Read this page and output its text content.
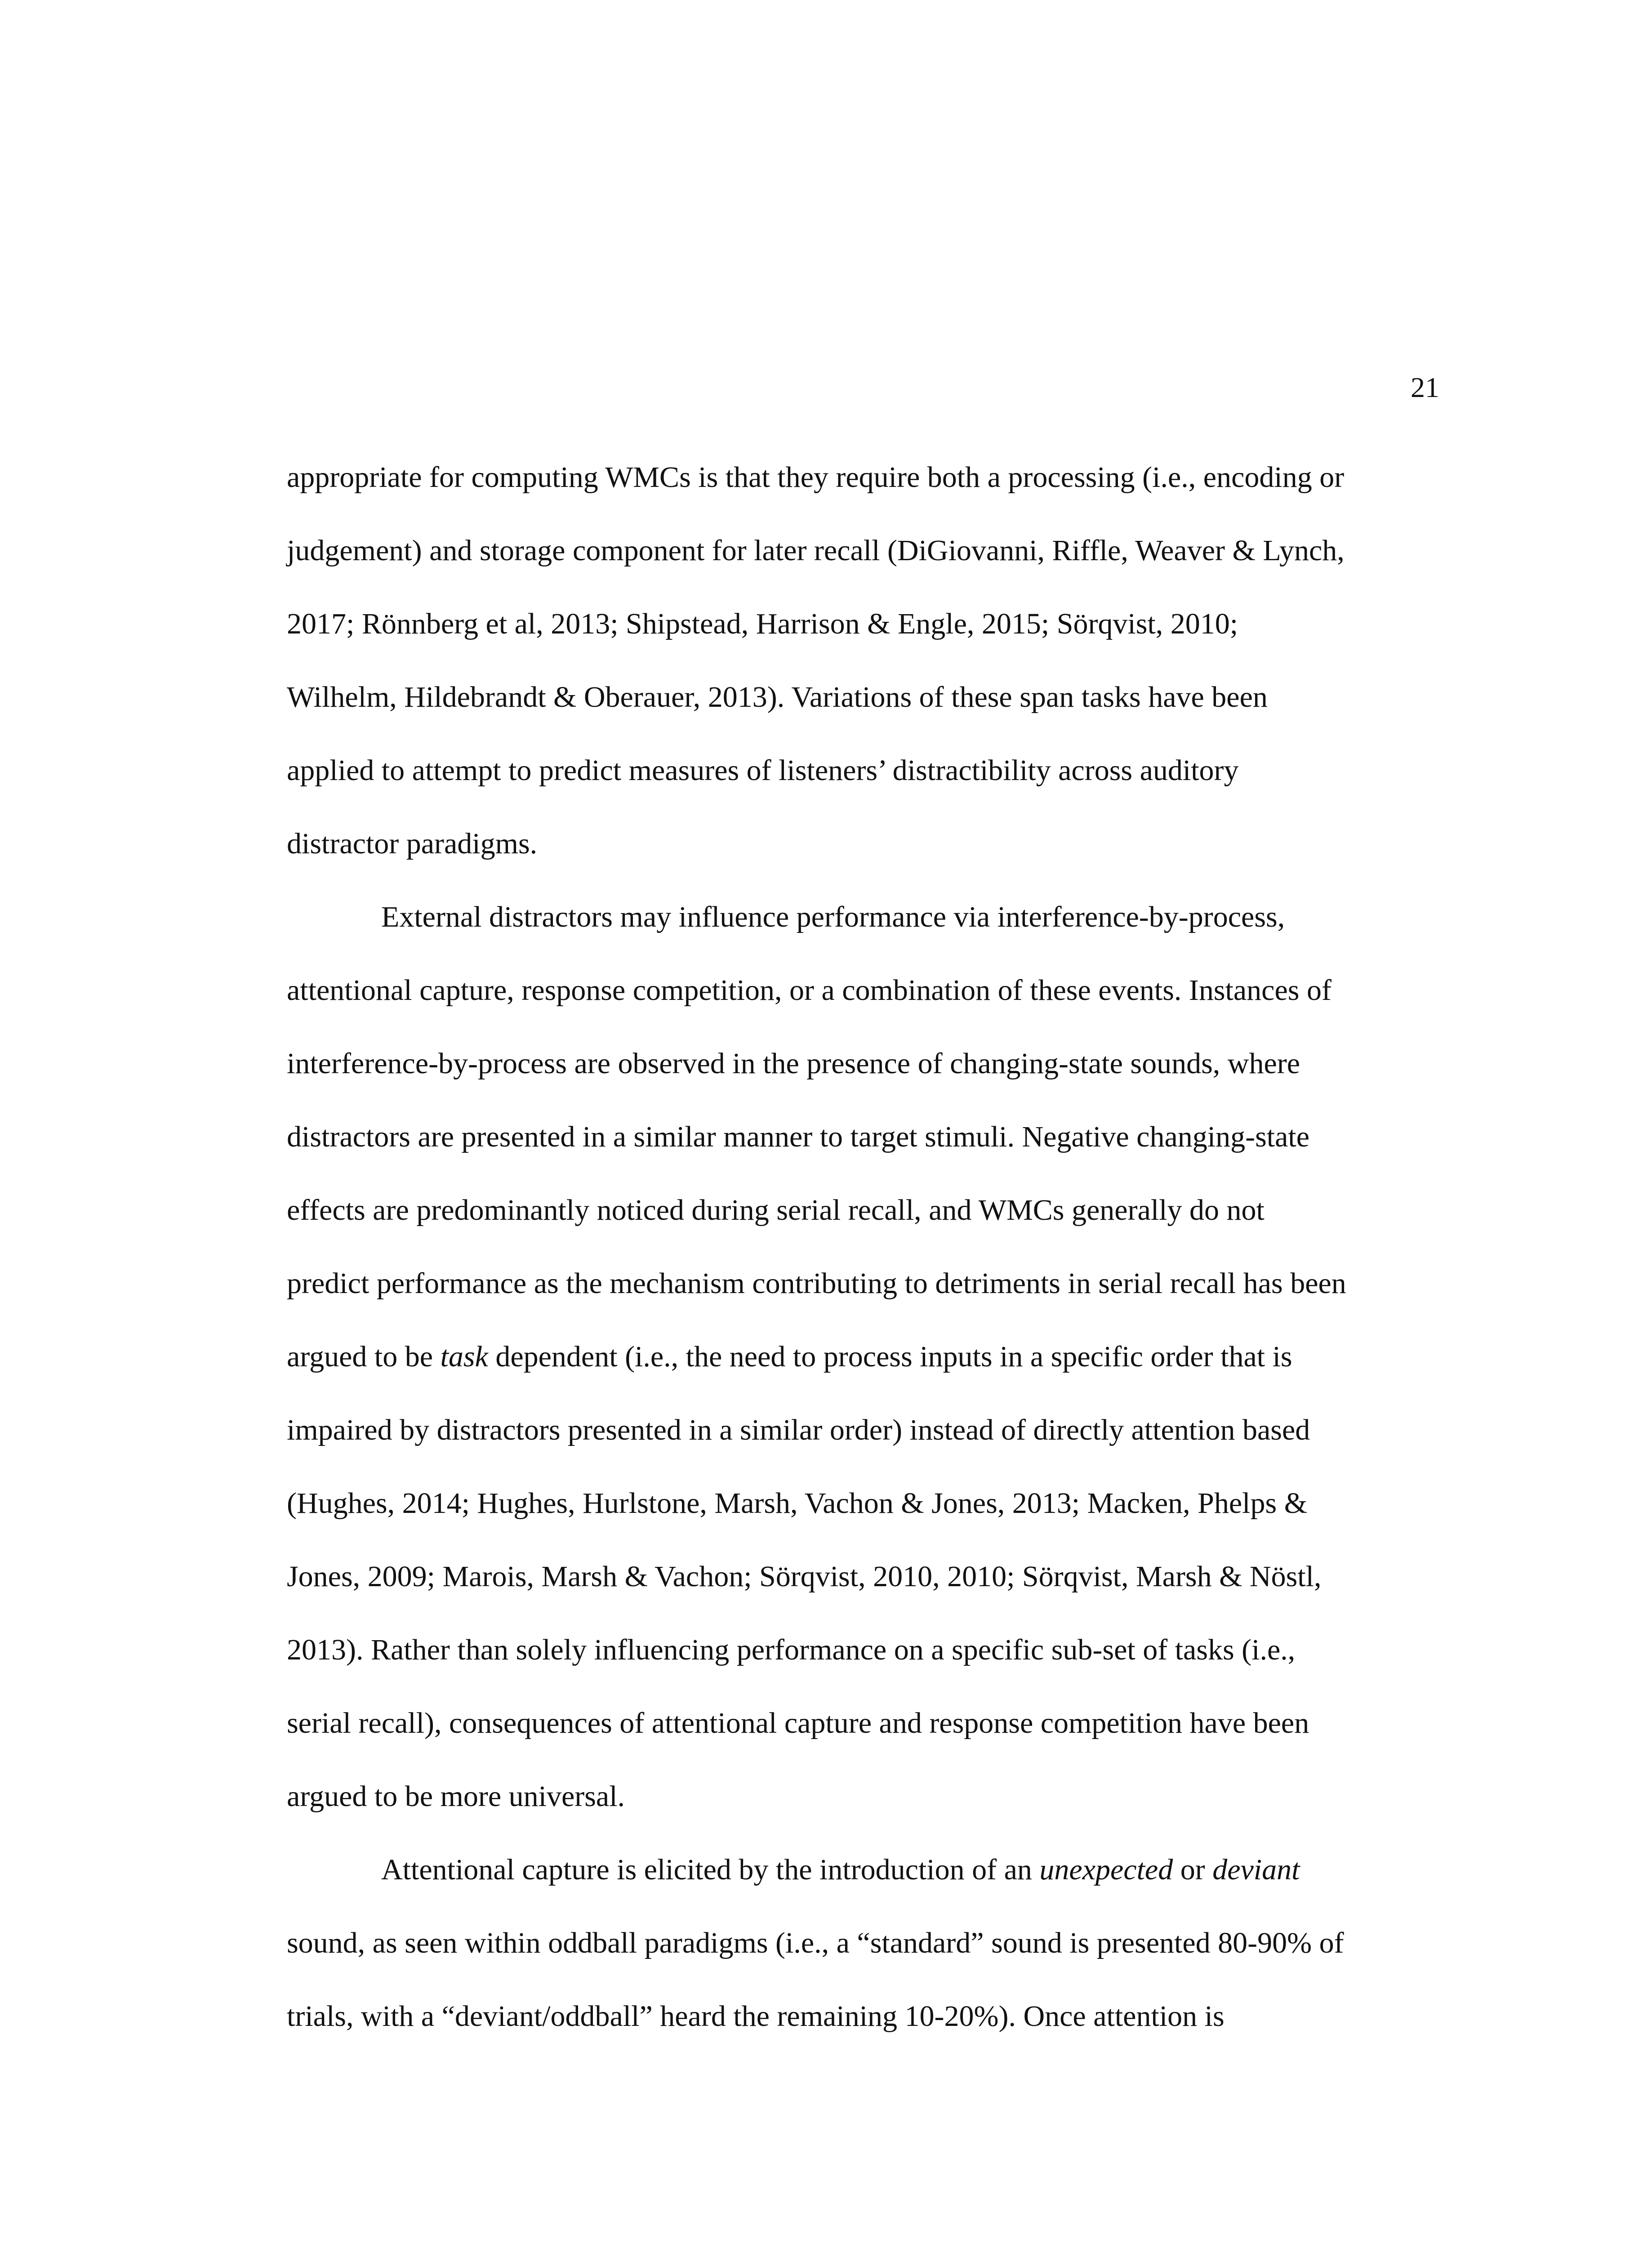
21
appropriate for computing WMCs is that they require both a processing (i.e., encoding or
judgement) and storage component for later recall (DiGiovanni, Riffle, Weaver & Lynch,
2017; Rönnberg et al, 2013; Shipstead, Harrison & Engle, 2015; Sörqvist, 2010;
Wilhelm, Hildebrandt & Oberauer, 2013). Variations of these span tasks have been
applied to attempt to predict measures of listeners’ distractibility across auditory
distractor paradigms.
External distractors may influence performance via interference-by-process,
attentional capture, response competition, or a combination of these events. Instances of
interference-by-process are observed in the presence of changing-state sounds, where
distractors are presented in a similar manner to target stimuli. Negative changing-state
effects are predominantly noticed during serial recall, and WMCs generally do not
predict performance as the mechanism contributing to detriments in serial recall has been
argued to be task dependent (i.e., the need to process inputs in a specific order that is
impaired by distractors presented in a similar order) instead of directly attention based
(Hughes, 2014; Hughes, Hurlstone, Marsh, Vachon & Jones, 2013; Macken, Phelps &
Jones, 2009; Marois, Marsh & Vachon; Sörqvist, 2010, 2010; Sörqvist, Marsh & Nöstl,
2013). Rather than solely influencing performance on a specific sub-set of tasks (i.e.,
serial recall), consequences of attentional capture and response competition have been
argued to be more universal.
Attentional capture is elicited by the introduction of an unexpected or deviant
sound, as seen within oddball paradigms (i.e., a “standard” sound is presented 80-90% of
trials, with a “deviant/oddball” heard the remaining 10-20%). Once attention is
